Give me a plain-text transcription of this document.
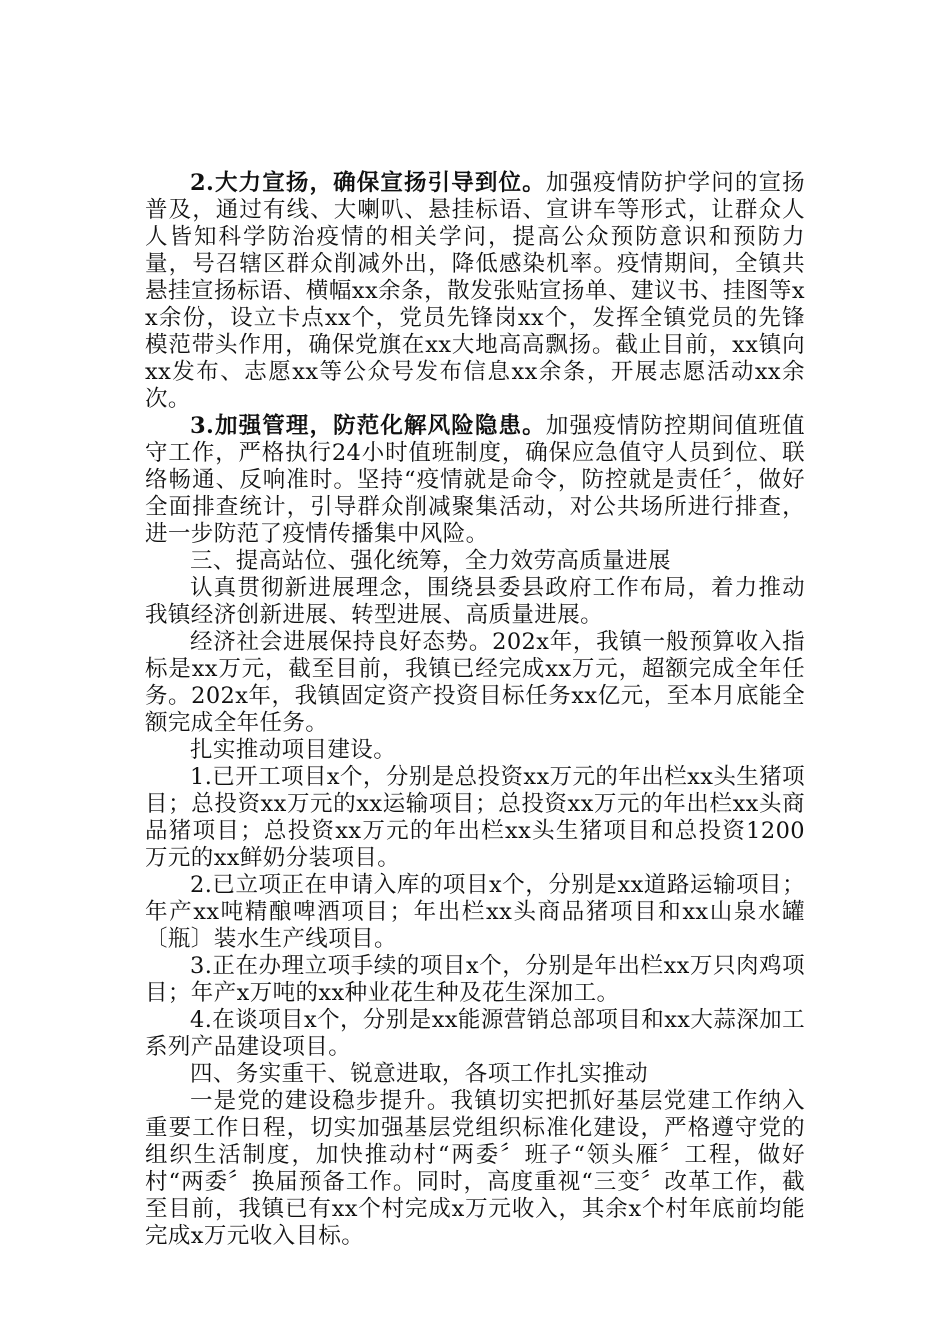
2.大力宣扬，确保宣扬引导到位。加强疫情防护学问的宣扬普及，通过有线、大喇叭、悬挂标语、宣讲车等形式，让群众人人皆知科学防治疫情的相关学问，提高公众预防意识和预防力量，号召辖区群众削减外出，降低感染机率。疫情期间，全镇共悬挂宣扬标语、横幅xx余条，散发张贴宣扬单、建议书、挂图等xx余份，设立卡点xx个，党员先锋岗xx个，发挥全镇党员的先锋模范带头作用，确保党旗在xx大地高高飘扬。截止目前，xx镇向xx发布、志愿xx等公众号发布信息xx余条，开展志愿活动xx余次。

3.加强管理，防范化解风险隐患。加强疫情防控期间值班值守工作，严格执行24小时值班制度，确保应急值守人员到位、联络畅通、反响准时。坚持“疫情就是命令，防控就是责任〞，做好全面排查统计，引导群众削减聚集活动，对公共场所进行排查，进一步防范了疫情传播集中风险。

三、提高站位、强化统筹，全力效劳高质量进展

认真贯彻新进展理念，围绕县委县政府工作布局，着力推动我镇经济创新进展、转型进展、高质量进展。

经济社会进展保持良好态势。202x年，我镇一般预算收入指标是xx万元，截至目前，我镇已经完成xx万元，超额完成全年任务。202x年，我镇固定资产投资目标任务xx亿元，至本月底能全额完成全年任务。

扎实推动项目建设。

1.已开工项目x个，分别是总投资xx万元的年出栏xx头生猪项目；总投资xx万元的xx运输项目；总投资xx万元的年出栏xx头商品猪项目；总投资xx万元的年出栏xx头生猪项目和总投资1200万元的xx鲜奶分装项目。

2.已立项正在申请入库的项目x个，分别是xx道路运输项目；年产xx吨精酿啤酒项目；年出栏xx头商品猪项目和xx山泉水罐〔瓶〕装水生产线项目。

3.正在办理立项手续的项目x个，分别是年出栏xx万只肉鸡项目；年产x万吨的xx种业花生种及花生深加工。

4.在谈项目x个，分别是xx能源营销总部项目和xx大蒜深加工系列产品建设项目。

四、务实重干、锐意进取，各项工作扎实推动

一是党的建设稳步提升。我镇切实把抓好基层党建工作纳入重要工作日程，切实加强基层党组织标准化建设，严格遵守党的组织生活制度，加快推动村“两委〞班子“领头雁〞工程，做好村“两委〞换届预备工作。同时，高度重视“三变〞改革工作，截至目前，我镇已有xx个村完成x万元收入，其余x个村年底前均能完成x万元收入目标。
